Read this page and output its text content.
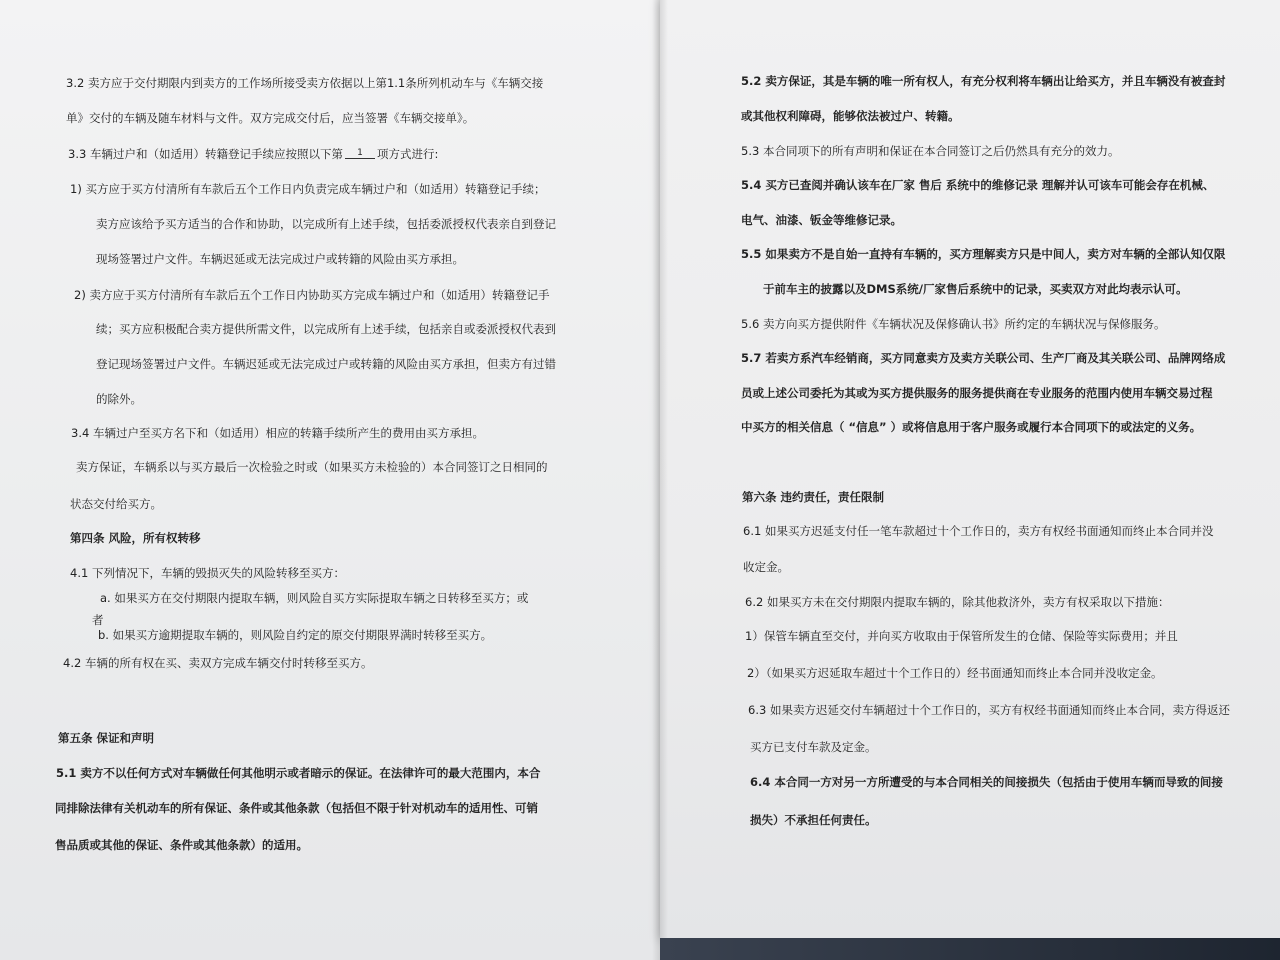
3.2 卖方应于交付期限内到卖方的工作场所接受卖方依据以上第1.1条所列机动车与《车辆交接
单》交付的车辆及随车材料与文件。双方完成交付后，应当签署《车辆交接单》。
3.3 车辆过户和（如适用）转籍登记手续应按照以下第 1 项方式进行:
1) 买方应于买方付清所有车款后五个工作日内负责完成车辆过户和（如适用）转籍登记手续；
卖方应该给予买方适当的合作和协助，以完成所有上述手续，包括委派授权代表亲自到登记
现场签署过户文件。车辆迟延或无法完成过户或转籍的风险由买方承担。
2) 卖方应于买方付清所有车款后五个工作日内协助买方完成车辆过户和（如适用）转籍登记手
续；买方应积极配合卖方提供所需文件，以完成所有上述手续，包括亲自或委派授权代表到
登记现场签署过户文件。车辆迟延或无法完成过户或转籍的风险由买方承担，但卖方有过错
的除外。
3.4 车辆过户至买方名下和（如适用）相应的转籍手续所产生的费用由买方承担。
卖方保证，车辆系以与买方最后一次检验之时或（如果买方未检验的）本合同签订之日相同的
状态交付给买方。
第四条 风险，所有权转移
4.1 下列情况下，车辆的毁损灭失的风险转移至买方：
a. 如果买方在交付期限内提取车辆，则风险自买方实际提取车辆之日转移至买方；或
者
b. 如果买方逾期提取车辆的，则风险自约定的原交付期限界满时转移至买方。
4.2 车辆的所有权在买、卖双方完成车辆交付时转移至买方。
第五条 保证和声明
5.1 卖方不以任何方式对车辆做任何其他明示或者暗示的保证。在法律许可的最大范围内，本合
同排除法律有关机动车的所有保证、条件或其他条款（包括但不限于针对机动车的适用性、可销
售品质或其他的保证、条件或其他条款）的适用。
5.2 卖方保证，其是车辆的唯一所有权人，有充分权利将车辆出让给买方，并且车辆没有被查封
或其他权利障碍，能够依法被过户、转籍。
5.3 本合同项下的所有声明和保证在本合同签订之后仍然具有充分的效力。
5.4 买方已查阅并确认该车在厂家 售后 系统中的维修记录 理解并认可该车可能会存在机械、
电气、油漆、钣金等维修记录。
5.5 如果卖方不是自始一直持有车辆的，买方理解卖方只是中间人，卖方对车辆的全部认知仅限
于前车主的披露以及DMS系统/厂家售后系统中的记录，买卖双方对此均表示认可。
5.6 卖方向买方提供附件《车辆状况及保修确认书》所约定的车辆状况与保修服务。
5.7 若卖方系汽车经销商，买方同意卖方及卖方关联公司、生产厂商及其关联公司、品牌网络成
员或上述公司委托为其或为买方提供服务的服务提供商在专业服务的范围内使用车辆交易过程
中买方的相关信息（ “信息” ）或将信息用于客户服务或履行本合同项下的或法定的义务。
第六条 违约责任，责任限制
6.1 如果买方迟延支付任一笔车款超过十个工作日的，卖方有权经书面通知而终止本合同并没
收定金。
6.2 如果买方未在交付期限内提取车辆的，除其他救济外，卖方有权采取以下措施：
1）保管车辆直至交付，并向买方收取由于保管所发生的仓储、保险等实际费用；并且
2）（如果买方迟延取车超过十个工作日的）经书面通知而终止本合同并没收定金。
6.3 如果卖方迟延交付车辆超过十个工作日的，买方有权经书面通知而终止本合同，卖方得返还
买方已支付车款及定金。
6.4 本合同一方对另一方所遭受的与本合同相关的间接损失（包括由于使用车辆而导致的间接
损失）不承担任何责任。
